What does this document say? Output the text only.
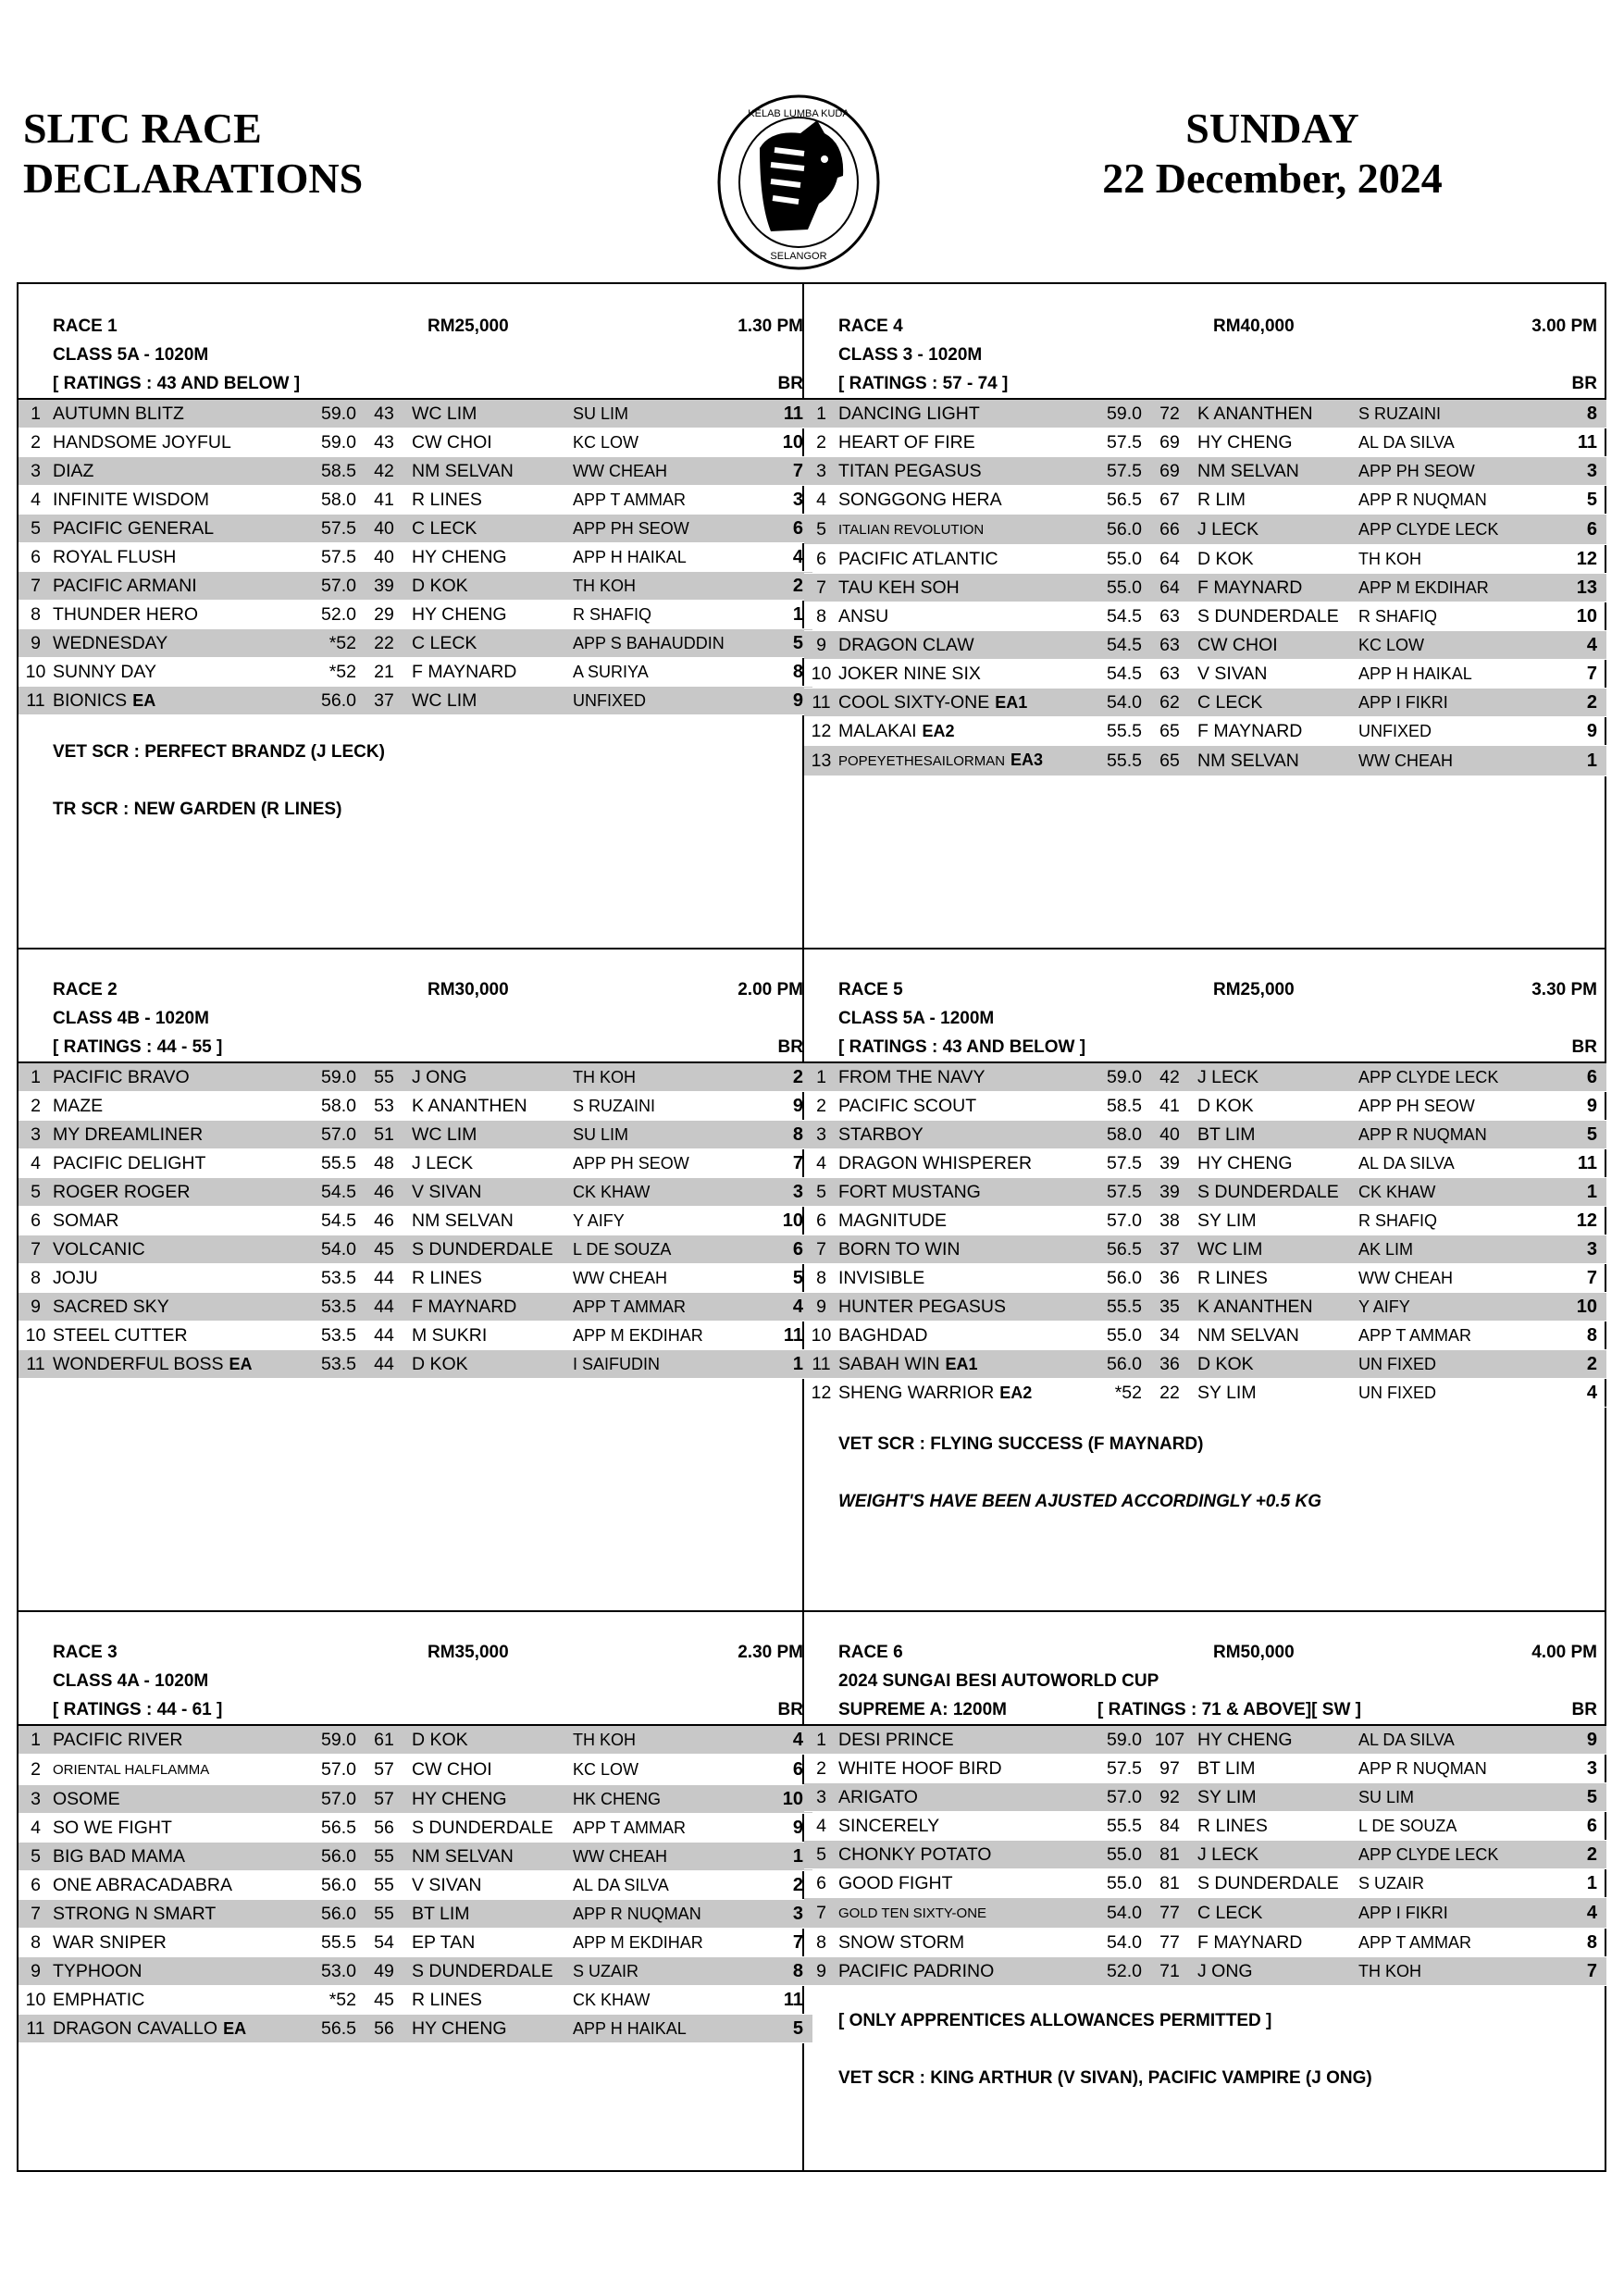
SLTC RACE
DECLARATIONS
KELAB LUMBA KUDA
SELANGOR
SUNDAY
22 December, 2024
RACE 1	RM25,000	1.30 PM
CLASS 5A - 1020M
[ RATINGS : 43 AND BELOW ]	BR
1	AUTUMN BLITZ	59.0	43	WC LIM	SU LIM	11
2	HANDSOME JOYFUL	59.0	43	CW CHOI	KC LOW	10
3	DIAZ	58.5	42	NM SELVAN	WW CHEAH	7
4	INFINITE WISDOM	58.0	41	R LINES	APP T AMMAR	3
5	PACIFIC GENERAL	57.5	40	C LECK	APP PH SEOW	6
6	ROYAL FLUSH	57.5	40	HY CHENG	APP H HAIKAL	4
7	PACIFIC ARMANI	57.0	39	D KOK	TH KOH	2
8	THUNDER HERO	52.0	29	HY CHENG	R SHAFIQ	1
9	WEDNESDAY	*52	22	C LECK	APP S BAHAUDDIN	5
10	SUNNY DAY	*52	21	F MAYNARD	A SURIYA	8
11	BIONICS EA	56.0	37	WC LIM	UNFIXED	9
VET SCR : PERFECT BRANDZ (J LECK)
TR SCR : NEW GARDEN (R LINES)
RACE 4	RM40,000	3.00 PM
CLASS 3 - 1020M
[ RATINGS : 57 - 74 ]	BR
1	DANCING LIGHT	59.0	72	K ANANTHEN	S RUZAINI	8
2	HEART OF FIRE	57.5	69	HY CHENG	AL DA SILVA	11
3	TITAN PEGASUS	57.5	69	NM SELVAN	APP PH SEOW	3
4	SONGGONG HERA	56.5	67	R LIM	APP R NUQMAN	5
5	ITALIAN REVOLUTION	56.0	66	J LECK	APP CLYDE LECK	6
6	PACIFIC ATLANTIC	55.0	64	D KOK	TH KOH	12
7	TAU KEH SOH	55.0	64	F MAYNARD	APP M EKDIHAR	13
8	ANSU	54.5	63	S DUNDERDALE	R SHAFIQ	10
9	DRAGON CLAW	54.5	63	CW CHOI	KC LOW	4
10	JOKER NINE SIX	54.5	63	V SIVAN	APP H HAIKAL	7
11	COOL SIXTY-ONE EA1	54.0	62	C LECK	APP I FIKRI	2
12	MALAKAI EA2	55.5	65	F MAYNARD	UNFIXED	9
13	POPEYETHESAILORMAN EA3	55.5	65	NM SELVAN	WW CHEAH	1
RACE 2	RM30,000	2.00 PM
CLASS 4B - 1020M
[ RATINGS : 44 - 55 ]	BR
1	PACIFIC BRAVO	59.0	55	J ONG	TH KOH	2
2	MAZE	58.0	53	K ANANTHEN	S RUZAINI	9
3	MY DREAMLINER	57.0	51	WC LIM	SU LIM	8
4	PACIFIC DELIGHT	55.5	48	J LECK	APP PH SEOW	7
5	ROGER ROGER	54.5	46	V SIVAN	CK KHAW	3
6	SOMAR	54.5	46	NM SELVAN	Y AIFY	10
7	VOLCANIC	54.0	45	S DUNDERDALE	L DE SOUZA	6
8	JOJU	53.5	44	R LINES	WW CHEAH	5
9	SACRED SKY	53.5	44	F MAYNARD	APP T AMMAR	4
10	STEEL CUTTER	53.5	44	M SUKRI	APP M EKDIHAR	11
11	WONDERFUL BOSS EA	53.5	44	D KOK	I SAIFUDIN	1
RACE 5	RM25,000	3.30 PM
CLASS 5A - 1200M
[ RATINGS : 43 AND BELOW ]	BR
1	FROM THE NAVY	59.0	42	J LECK	APP CLYDE LECK	6
2	PACIFIC SCOUT	58.5	41	D KOK	APP PH SEOW	9
3	STARBOY	58.0	40	BT LIM	APP R NUQMAN	5
4	DRAGON WHISPERER	57.5	39	HY CHENG	AL DA SILVA	11
5	FORT MUSTANG	57.5	39	S DUNDERDALE	CK KHAW	1
6	MAGNITUDE	57.0	38	SY LIM	R SHAFIQ	12
7	BORN TO WIN	56.5	37	WC LIM	AK LIM	3
8	INVISIBLE	56.0	36	R LINES	WW CHEAH	7
9	HUNTER PEGASUS	55.5	35	K ANANTHEN	Y AIFY	10
10	BAGHDAD	55.0	34	NM SELVAN	APP T AMMAR	8
11	SABAH WIN EA1	56.0	36	D KOK	UN FIXED	2
12	SHENG WARRIOR EA2	*52	22	SY LIM	UN FIXED	4
VET SCR : FLYING SUCCESS (F MAYNARD)
WEIGHT'S HAVE BEEN AJUSTED ACCORDINGLY +0.5 KG
RACE 3	RM35,000	2.30 PM
CLASS 4A - 1020M
[ RATINGS : 44 - 61 ]	BR
1	PACIFIC RIVER	59.0	61	D KOK	TH KOH	4
2	ORIENTAL HALFLAMMA	57.0	57	CW CHOI	KC LOW	6
3	OSOME	57.0	57	HY CHENG	HK CHENG	10
4	SO WE FIGHT	56.5	56	S DUNDERDALE	APP T AMMAR	9
5	BIG BAD MAMA	56.0	55	NM SELVAN	WW CHEAH	1
6	ONE ABRACADABRA	56.0	55	V SIVAN	AL DA SILVA	2
7	STRONG N SMART	56.0	55	BT LIM	APP R NUQMAN	3
8	WAR SNIPER	55.5	54	EP TAN	APP M EKDIHAR	7
9	TYPHOON	53.0	49	S DUNDERDALE	S UZAIR	8
10	EMPHATIC	*52	45	R LINES	CK KHAW	11
11	DRAGON CAVALLO EA	56.5	56	HY CHENG	APP H HAIKAL	5
RACE 6	RM50,000	4.00 PM
2024 SUNGAI BESI AUTOWORLD CUP
SUPREME A: 1200M	[ RATINGS : 71 & ABOVE][ SW ]	BR
1	DESI PRINCE	59.0	107	HY CHENG	AL DA SILVA	9
2	WHITE HOOF BIRD	57.5	97	BT LIM	APP R NUQMAN	3
3	ARIGATO	57.0	92	SY LIM	SU LIM	5
4	SINCERELY	55.5	84	R LINES	L DE SOUZA	6
5	CHONKY POTATO	55.0	81	J LECK	APP CLYDE LECK	2
6	GOOD FIGHT	55.0	81	S DUNDERDALE	S UZAIR	1
7	GOLD TEN SIXTY-ONE	54.0	77	C LECK	APP I FIKRI	4
8	SNOW STORM	54.0	77	F MAYNARD	APP T AMMAR	8
9	PACIFIC PADRINO	52.0	71	J ONG	TH KOH	7
[ ONLY APPRENTICES ALLOWANCES PERMITTED ]
VET SCR : KING ARTHUR (V SIVAN), PACIFIC VAMPIRE (J ONG)
